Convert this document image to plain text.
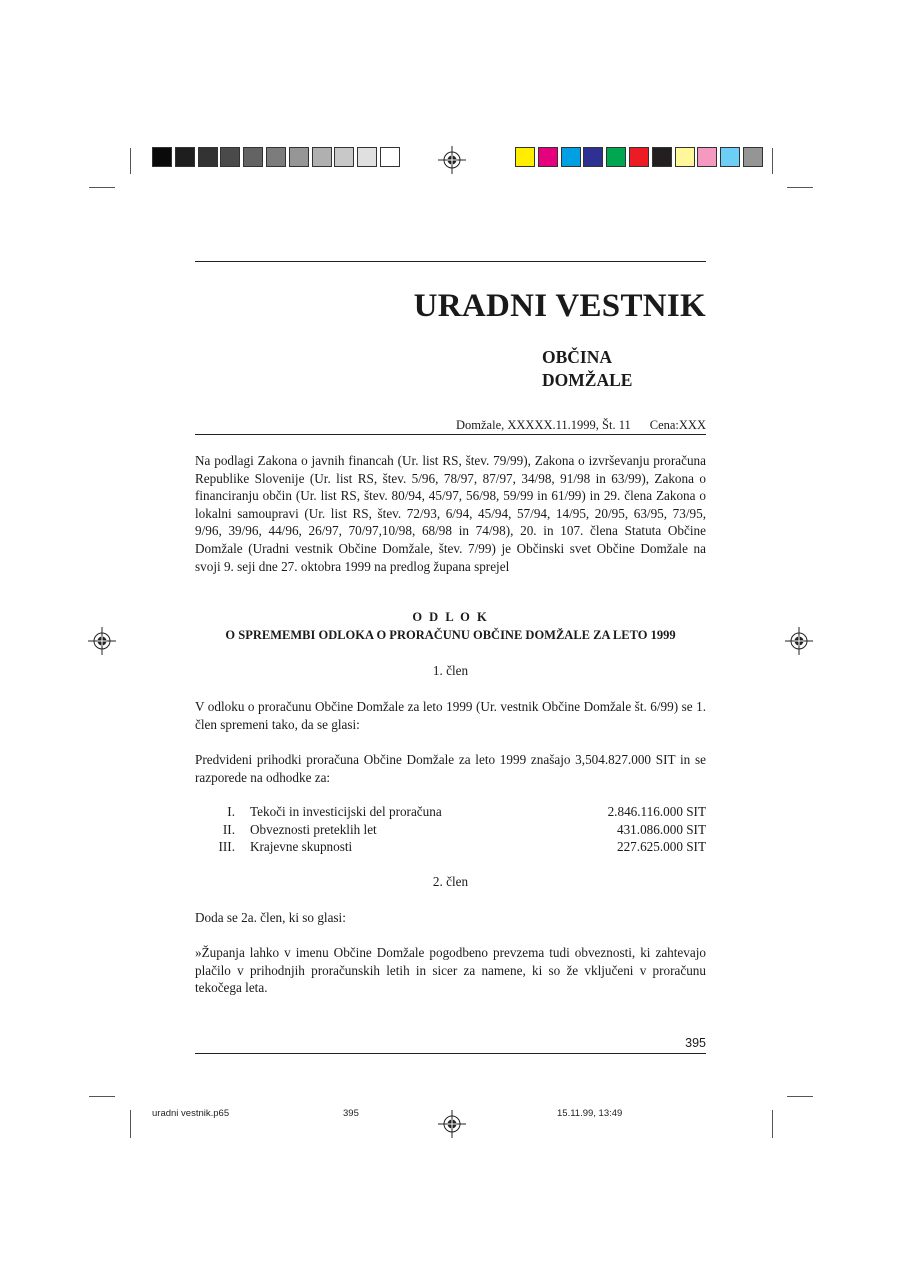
URADNI VESTNIK
OBČINA
DOMŽALE
Domžale, XXXXX.11.1999, Št. 11 Cena:XXX
Na podlagi Zakona o javnih financah (Ur. list RS, štev. 79/99), Zakona o izvrševanju proračuna Republike Slovenije (Ur. list RS, štev. 5/96, 78/97, 87/97, 34/98, 91/98 in 63/99), Zakona o financiranju občin (Ur. list RS, štev. 80/94, 45/97, 56/98, 59/99 in 61/99) in 29. člena Zakona o lokalni samoupravi (Ur. list RS, štev. 72/93, 6/94, 45/94, 57/94, 14/95, 20/95, 63/95, 73/95, 9/96, 39/96, 44/96, 26/97, 70/97,10/98, 68/98 in 74/98), 20. in 107. člena Statuta Občine Domžale (Uradni vestnik Občine Domžale, štev. 7/99) je Občinski svet Občine Domžale na svoji 9. seji dne 27. oktobra 1999 na predlog župana sprejel
O D L O K
O SPREMEMBI ODLOKA O PRORAČUNU OBČINE DOMŽALE ZA LETO 1999
1. člen
V odloku o proračunu Občine Domžale za leto 1999 (Ur. vestnik Občine Domžale št. 6/99) se 1. člen spremeni tako, da se glasi:
Predvideni prihodki proračuna Občine Domžale za leto 1999 znašajo 3,504.827.000 SIT in se razporede na odhodke za:
I.	Tekoči in investicijski del proračuna	2.846.116.000 SIT
II.	Obveznosti preteklih let	431.086.000 SIT
III.	Krajevne skupnosti	227.625.000 SIT
2. člen
Doda se 2a. člen, ki so glasi:
»Županja lahko v imenu Občine Domžale pogodbeno prevzema tudi obveznosti, ki zahtevajo plačilo v prihodnjih proračunskih letih in sicer za namene, ki so že vključeni v proračunu tekočega leta.
395
uradni vestnik.p65	395	15.11.99, 13:49
